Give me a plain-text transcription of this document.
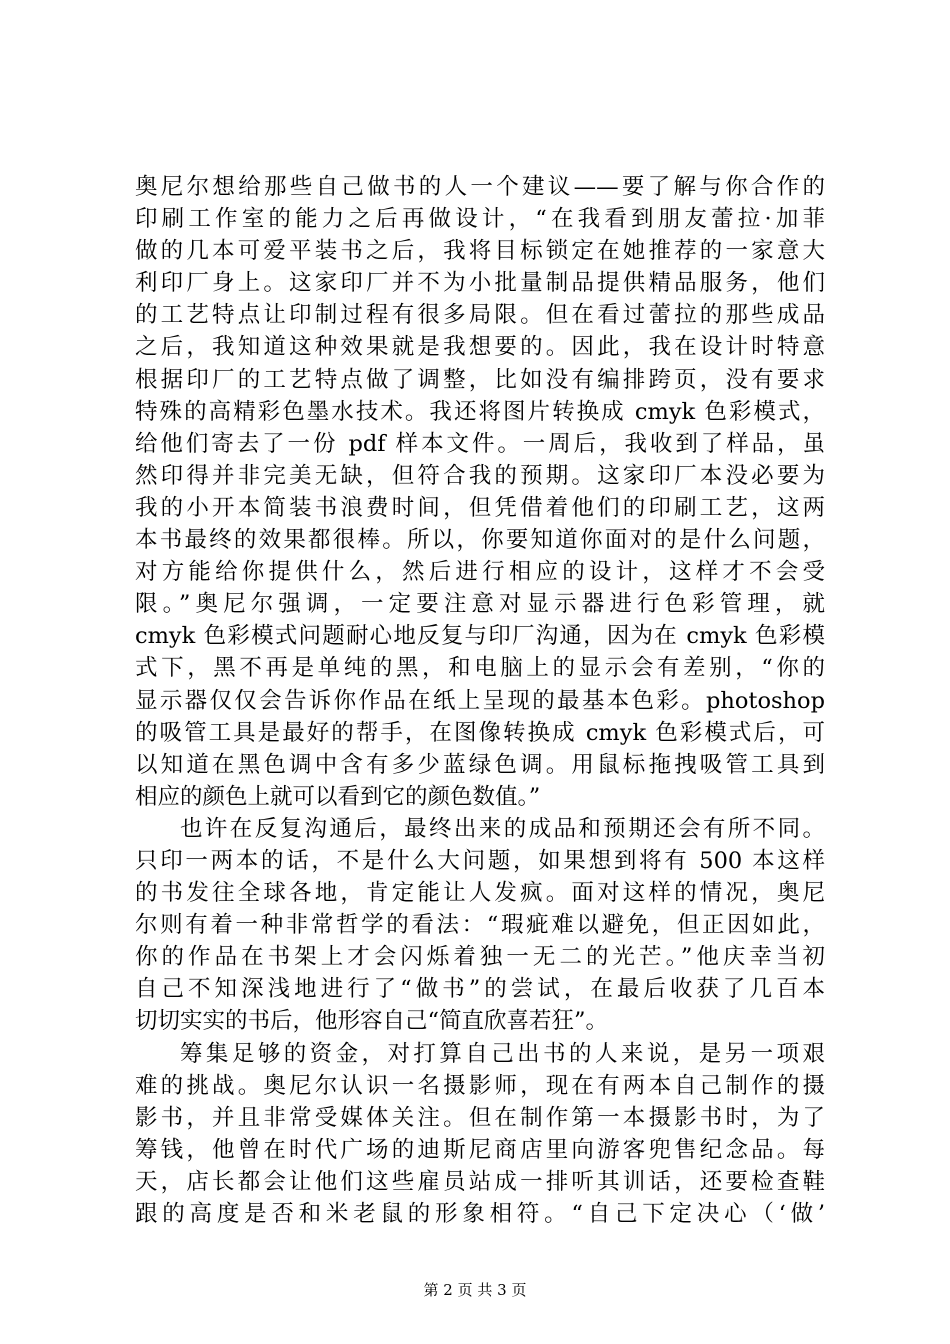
奥尼尔想给那些自己做书的人一个建议——要了解与你合作的
印刷工作室的能力之后再做设计，“在我看到朋友蕾拉·加菲
做的几本可爱平装书之后，我将目标锁定在她推荐的一家意大
利印厂身上。这家印厂并不为小批量制品提供精品服务，他们
的工艺特点让印制过程有很多局限。但在看过蕾拉的那些成品
之后，我知道这种效果就是我想要的。因此，我在设计时特意
根据印厂的工艺特点做了调整，比如没有编排跨页，没有要求
特殊的高精彩色墨水技术。我还将图片转换成 cmyk 色彩模式，
给他们寄去了一份 pdf 样本文件。一周后，我收到了样品，虽
然印得并非完美无缺，但符合我的预期。这家印厂本没必要为
我的小开本简装书浪费时间，但凭借着他们的印刷工艺，这两
本书最终的效果都很棒。所以，你要知道你面对的是什么问题，
对方能给你提供什么，然后进行相应的设计，这样才不会受
限。”奥尼尔强调，一定要注意对显示器进行色彩管理，就
cmyk 色彩模式问题耐心地反复与印厂沟通，因为在 cmyk 色彩模
式下，黑不再是单纯的黑，和电脑上的显示会有差别，“你的
显示器仅仅会告诉你作品在纸上呈现的最基本色彩。photoshop
的吸管工具是最好的帮手，在图像转换成 cmyk 色彩模式后，可
以知道在黑色调中含有多少蓝绿色调。用鼠标拖拽吸管工具到
相应的颜色上就可以看到它的颜色数值。”
也许在反复沟通后，最终出来的成品和预期还会有所不同。
只印一两本的话，不是什么大问题，如果想到将有 500 本这样
的书发往全球各地，肯定能让人发疯。面对这样的情况，奥尼
尔则有着一种非常哲学的看法：“瑕疵难以避免，但正因如此，
你的作品在书架上才会闪烁着独一无二的光芒。”他庆幸当初
自己不知深浅地进行了“做书”的尝试，在最后收获了几百本
切切实实的书后，他形容自己“简直欣喜若狂”。
筹集足够的资金，对打算自己出书的人来说，是另一项艰
难的挑战。奥尼尔认识一名摄影师，现在有两本自己制作的摄
影书，并且非常受媒体关注。但在制作第一本摄影书时，为了
筹钱，他曾在时代广场的迪斯尼商店里向游客兜售纪念品。每
天，店长都会让他们这些雇员站成一排听其训话，还要检查鞋
跟的高度是否和米老鼠的形象相符。“自己下定决心（‘做’
第 2 页 共 3 页
